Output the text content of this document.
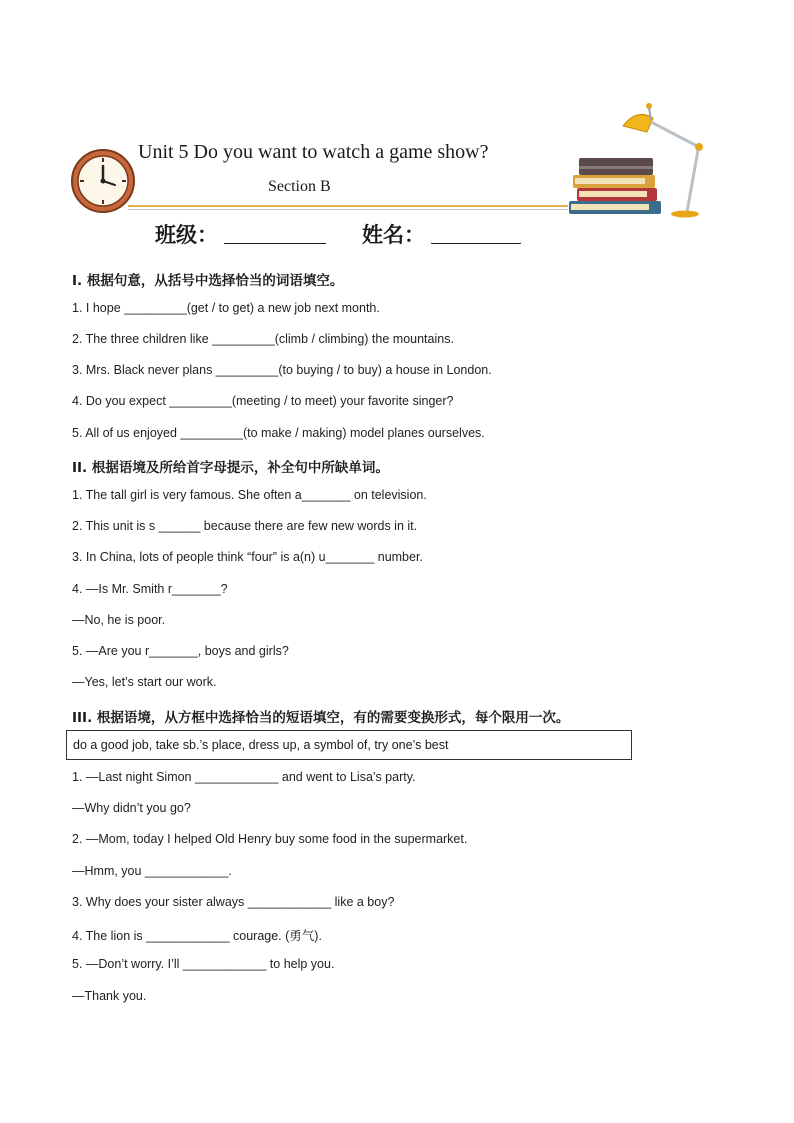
Unit 5 Do you want to watch a game show?
Section B
班级：	姓名：
Ⅰ. 根据句意，从括号中选择恰当的词语填空。
1. I hope _________(get / to get) a new job next month.
2. The three children like _________(climb / climbing) the mountains.
3. Mrs. Black never plans _________(to buying / to buy) a house in London.
4. Do you expect _________(meeting / to meet) your favorite singer?
5. All of us enjoyed _________(to make / making) model planes ourselves.
II. 根据语境及所给首字母提示，补全句中所缺单词。
1. The tall girl is very famous. She often a_______ on television.
2. This unit is s ______ because there are few new words in it.
3. In China, lots of people think “four” is a(n) u_______ number.
4. —Is Mr. Smith r_______?
—No, he is poor.
5. —Are you r_______, boys and girls?
—Yes, let’s start our work.
III. 根据语境，从方框中选择恰当的短语填空，有的需要变换形式，每个限用一次。
do a good job, take sb.’s place, dress up, a symbol of, try one’s best
1. —Last night Simon ____________ and went to Lisa’s party.
—Why didn’t you go?
2. —Mom, today I helped Old Henry buy some food in the supermarket.
—Hmm, you ____________.
3. Why does your sister always ____________ like a boy?
4. The lion is ____________ courage. (勇气).
5. —Don’t worry. I’ll ____________ to help you.
—Thank you.
